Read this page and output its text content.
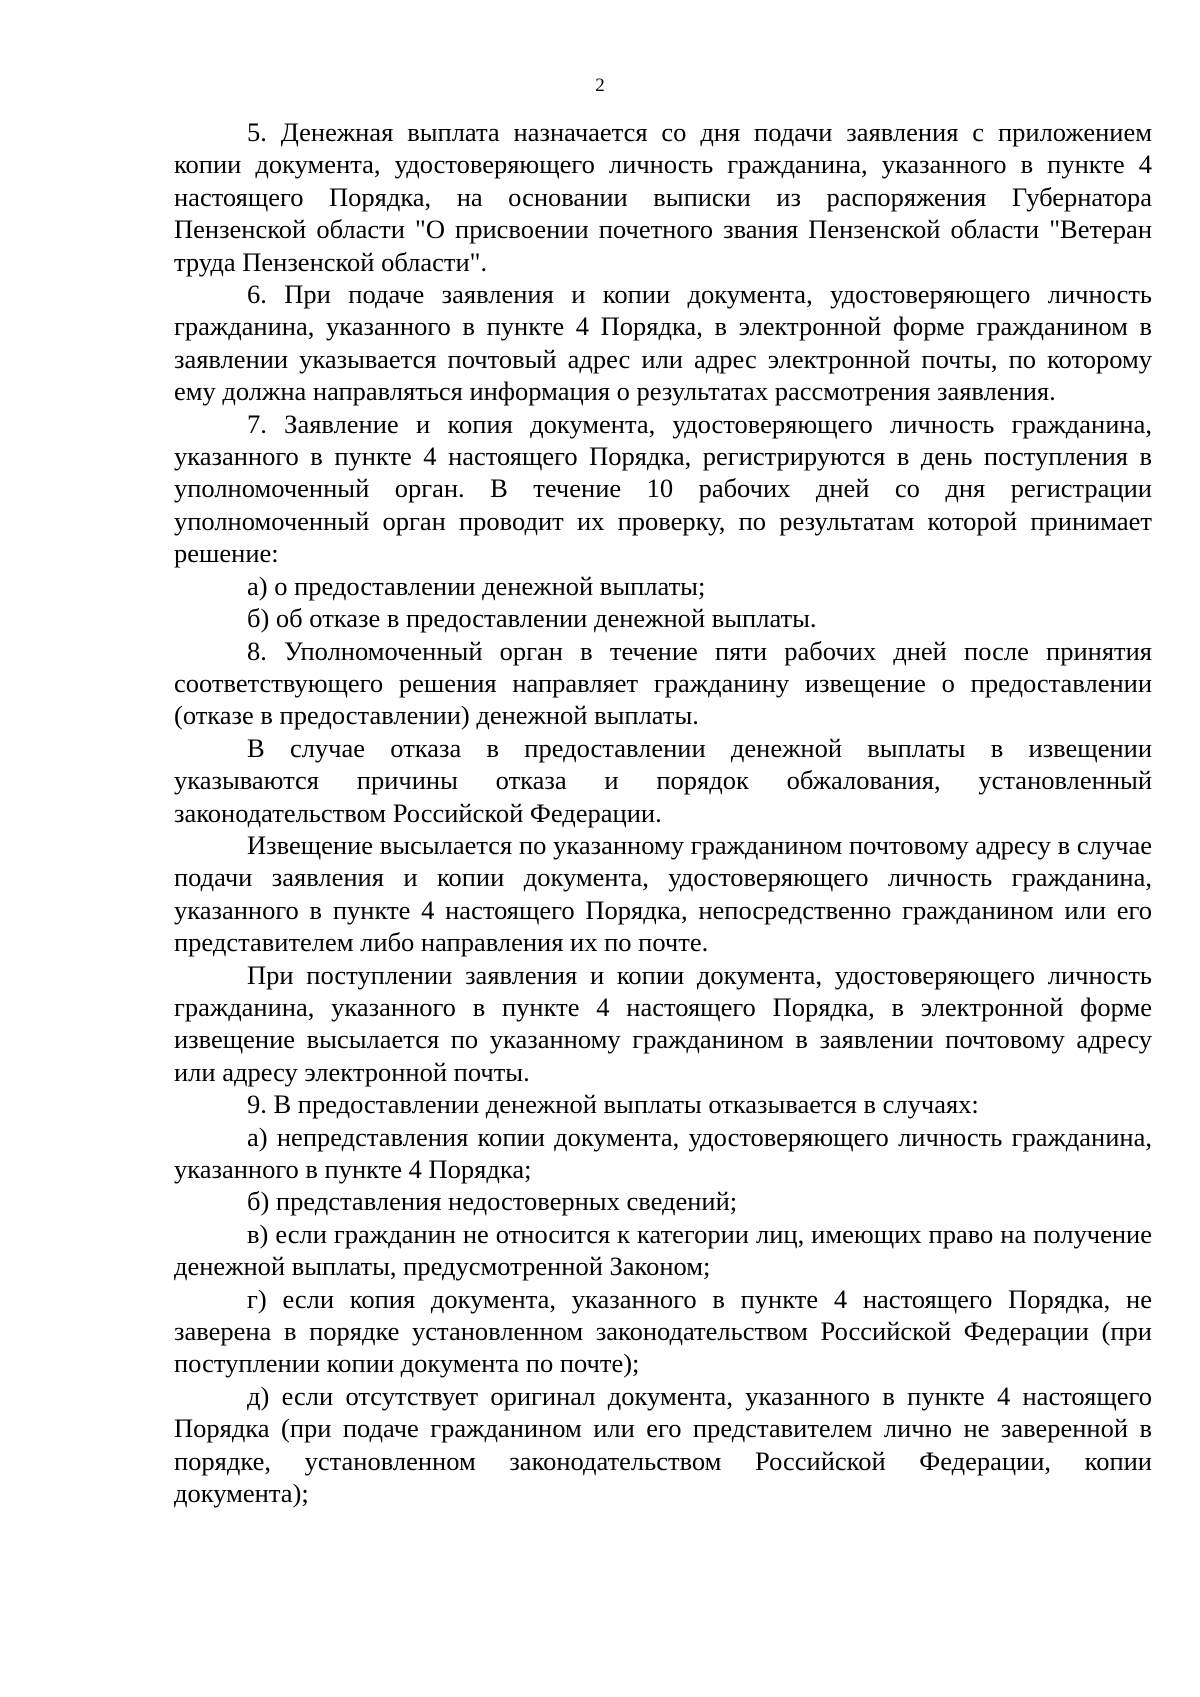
2

5. Денежная выплата назначается со дня подачи заявления с приложением копии документа, удостоверяющего личность гражданина, указанного в пункте 4 настоящего Порядка, на основании выписки из распоряжения Губернатора Пензенской области "О присвоении почетного звания Пензенской области "Ветеран труда Пензенской области".

6. При подаче заявления и копии документа, удостоверяющего личность гражданина, указанного в пункте 4 Порядка, в электронной форме гражданином в заявлении указывается почтовый адрес или адрес электронной почты, по которому ему должна направляться информация о результатах рассмотрения заявления.

7. Заявление и копия документа, удостоверяющего личность гражданина, указанного в пункте 4 настоящего Порядка, регистрируются в день поступления в уполномоченный орган. В течение 10 рабочих дней со дня регистрации уполномоченный орган проводит их проверку, по результатам которой принимает решение:

а) о предоставлении денежной выплаты;

б) об отказе в предоставлении денежной выплаты.

8. Уполномоченный орган в течение пяти рабочих дней после принятия соответствующего решения направляет гражданину извещение о предоставлении (отказе в предоставлении) денежной выплаты.

В случае отказа в предоставлении денежной выплаты в извещении указываются причины отказа и порядок обжалования, установленный законодательством Российской Федерации.

Извещение высылается по указанному гражданином почтовому адресу в случае подачи заявления и копии документа, удостоверяющего личность гражданина, указанного в пункте 4 настоящего Порядка, непосредственно гражданином или его представителем либо направления их по почте.

При поступлении заявления и копии документа, удостоверяющего личность гражданина, указанного в пункте 4 настоящего Порядка, в электронной форме извещение высылается по указанному гражданином в заявлении почтовому адресу или адресу электронной почты.

9. В предоставлении денежной выплаты отказывается в случаях:

а) непредставления копии документа, удостоверяющего личность гражданина, указанного в пункте 4 Порядка;

б) представления недостоверных сведений;

в) если гражданин не относится к категории лиц, имеющих право на получение денежной выплаты, предусмотренной Законом;

г) если копия документа, указанного в пункте 4 настоящего Порядка, не заверена в порядке установленном законодательством Российской Федерации (при поступлении копии документа по почте);

д) если отсутствует оригинал документа, указанного в пункте 4 настоящего Порядка (при подаче гражданином или его представителем лично не заверенной в порядке, установленном законодательством Российской Федерации, копии документа);
